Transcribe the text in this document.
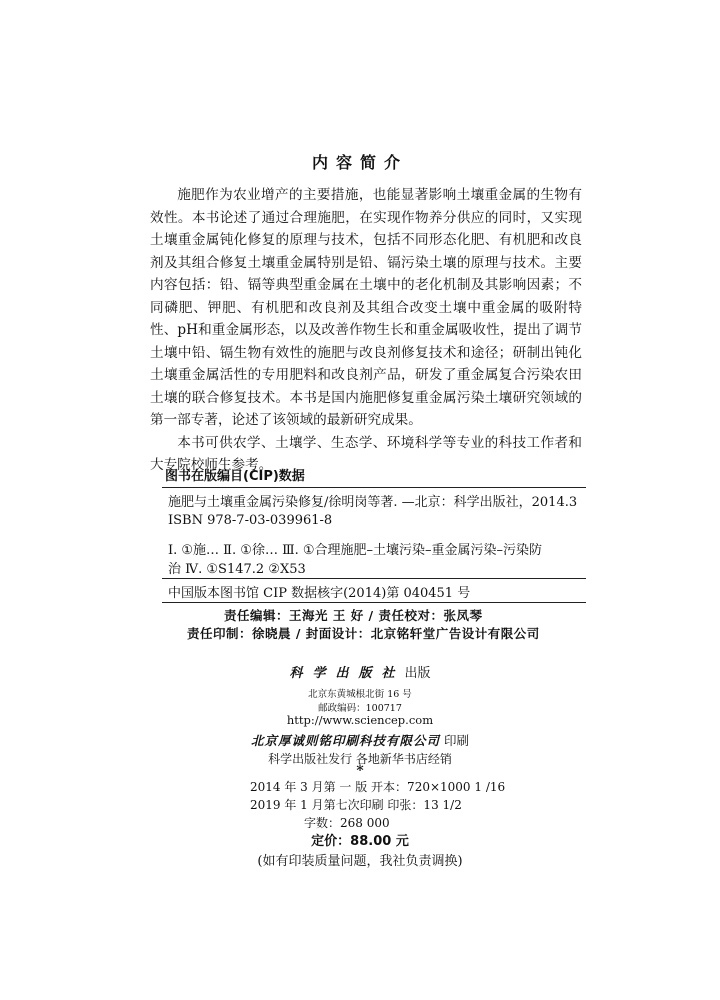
内容简介

施肥作为农业增产的主要措施，也能显著影响土壤重金属的生物有效性。本书论述了通过合理施肥，在实现作物养分供应的同时，又实现土壤重金属钝化修复的原理与技术，包括不同形态化肥、有机肥和改良剂及其组合修复土壤重金属特别是铅、镉污染土壤的原理与技术。主要内容包括：铅、镉等典型重金属在土壤中的老化机制及其影响因素；不同磷肥、钾肥、有机肥和改良剂及其组合改变土壤中重金属的吸附特性、pH和重金属形态，以及改善作物生长和重金属吸收性，提出了调节土壤中铅、镉生物有效性的施肥与改良剂修复技术和途径；研制出钝化土壤重金属活性的专用肥料和改良剂产品，研发了重金属复合污染农田土壤的联合修复技术。本书是国内施肥修复重金属污染土壤研究领域的第一部专著，论述了该领域的最新研究成果。

本书可供农学、土壤学、生态学、环境科学等专业的科技工作者和大专院校师生参考。

图书在版编目(CIP)数据
施肥与土壤重金属污染修复/徐明岗等著. —北京：科学出版社，2014.3
ISBN 978-7-03-039961-8
Ⅰ. ①施… Ⅱ. ①徐… Ⅲ. ①合理施肥–土壤污染–重金属污染–污染防
治 Ⅳ. ①S147.2 ②X53
中国版本图书馆 CIP 数据核字(2014)第 040451 号
责任编辑：王海光 王 好 / 责任校对：张凤琴
责任印制：徐晓晨 / 封面设计：北京铭轩堂广告设计有限公司
科学出版社出版
北京东黄城根北街 16 号
邮政编码：100717
http://www.sciencep.com
北京厚诚则铭印刷科技有限公司 印刷
科学出版社发行 各地新华书店经销
*
2014 年 3 月第 一 版 开本：720×1000 1 /16
2019 年 1 月第七次印刷 印张：13 1/2
字数：268 000
定价：88.00 元
(如有印装质量问题，我社负责调换)
